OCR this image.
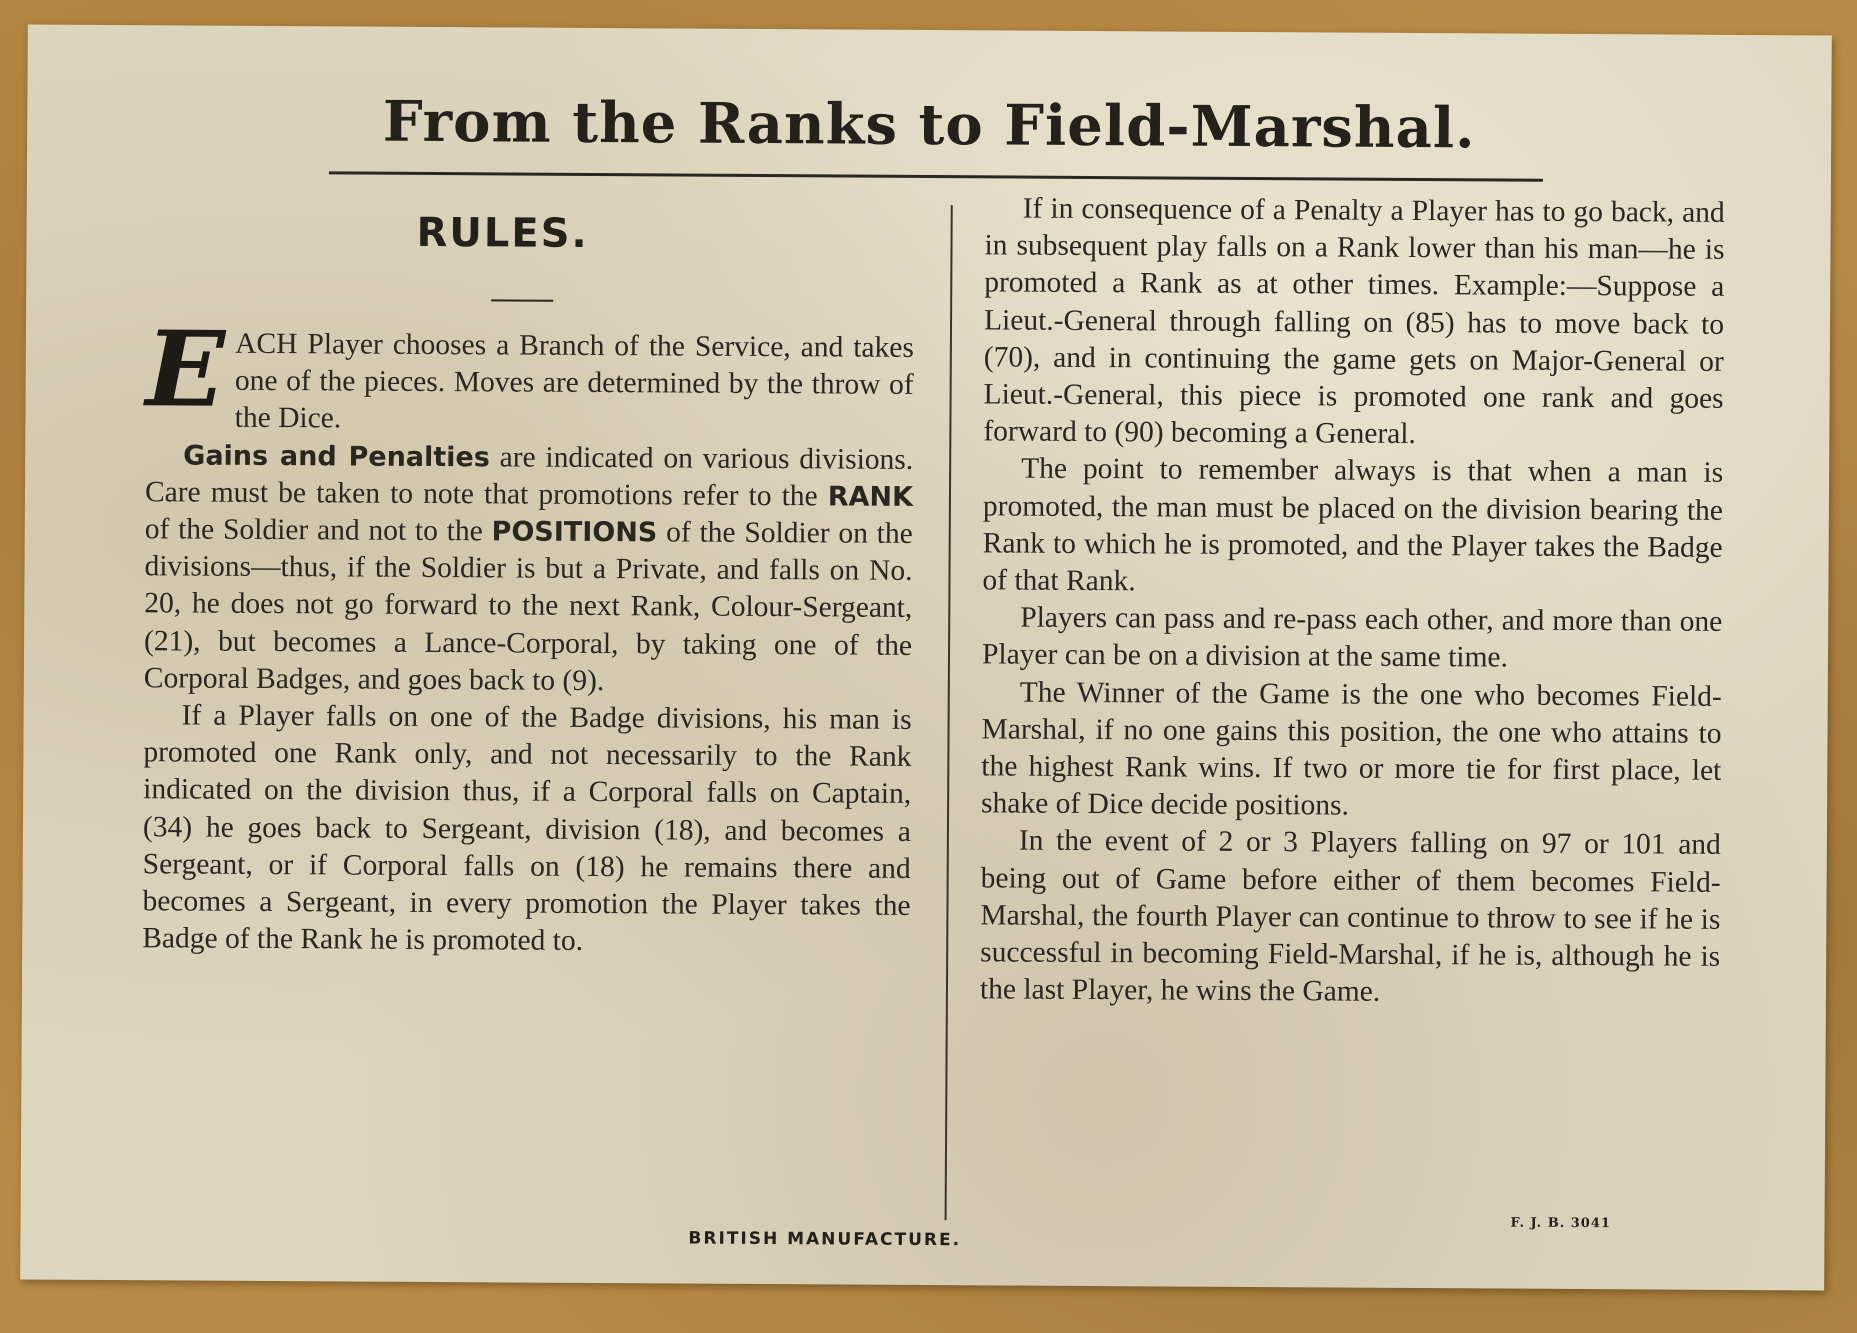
From the Ranks to Field-Marshal.
RULES.

EACH Player chooses a Branch of the Service, and takes one of the pieces. Moves are determined by the throw of the Dice.

Gains and Penalties are indicated on various divisions. Care must be taken to note that promotions refer to the RANK of the Soldier and not to the POSITIONS of the Soldier on the divisions—thus, if the Soldier is but a Private, and falls on No. 20, he does not go forward to the next Rank, Colour-Sergeant, (21), but becomes a Lance-Corporal, by taking one of the Corporal Badges, and goes back to (9).

If a Player falls on one of the Badge divisions, his man is promoted one Rank only, and not necessarily to the Rank indicated on the division thus, if a Corporal falls on Captain, (34) he goes back to Sergeant, division (18), and becomes a Sergeant, or if Corporal falls on (18) he remains there and becomes a Sergeant, in every promotion the Player takes the Badge of the Rank he is promoted to.

If in consequence of a Penalty a Player has to go back, and in subsequent play falls on a Rank lower than his man—he is promoted a Rank as at other times. Example:—Suppose a Lieut.-General through falling on (85) has to move back to (70), and in continuing the game gets on Major-General or Lieut.-General, this piece is promoted one rank and goes forward to (90) becoming a General.

The point to remember always is that when a man is promoted, the man must be placed on the division bearing the Rank to which he is promoted, and the Player takes the Badge of that Rank.

Players can pass and re-pass each other, and more than one Player can be on a division at the same time.

The Winner of the Game is the one who becomes Field-Marshal, if no one gains this position, the one who attains to the highest Rank wins. If two or more tie for first place, let shake of Dice decide positions.

In the event of 2 or 3 Players falling on 97 or 101 and being out of Game before either of them becomes Field-Marshal, the fourth Player can continue to throw to see if he is successful in becoming Field-Marshal, if he is, although he is the last Player, he wins the Game.

BRITISH MANUFACTURE.

F. J. B. 3041
